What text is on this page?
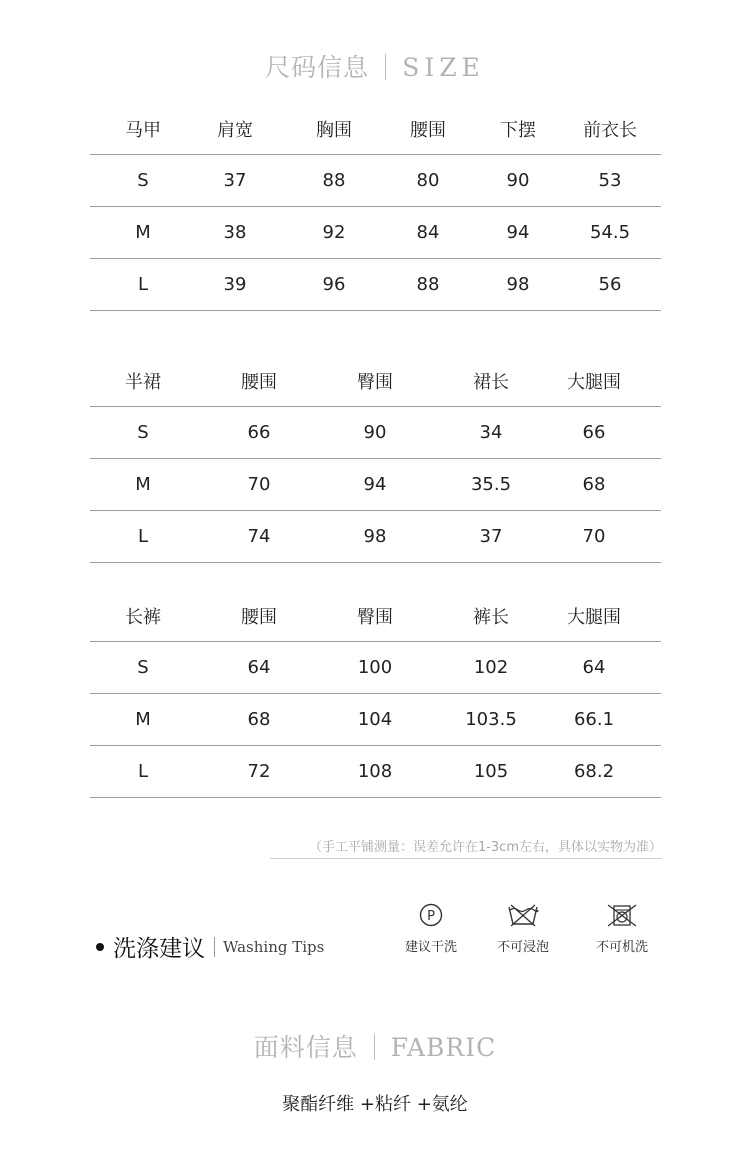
尺码信息 SIZE
马甲	肩宽	胸围	腰围	下摆	前衣长
S	37	88	80	90	53
M	38	92	84	94	54.5
L	39	96	88	98	56
半裙	腰围	臀围	裙长	大腿围
S	66	90	34	66
M	70	94	35.5	68
L	74	98	37	70
长裤	腰围	臀围	裤长	大腿围
S	64	100	102	64
M	68	104	103.5	66.1
L	72	108	105	68.2
（手工平铺测量：误差允许在1-3cm左右，具体以实物为准）
洗涤建议 Washing Tips
P
建议干洗	不可浸泡	不可机洗
面料信息 FABRIC
聚酯纤维 +粘纤 +氨纶
